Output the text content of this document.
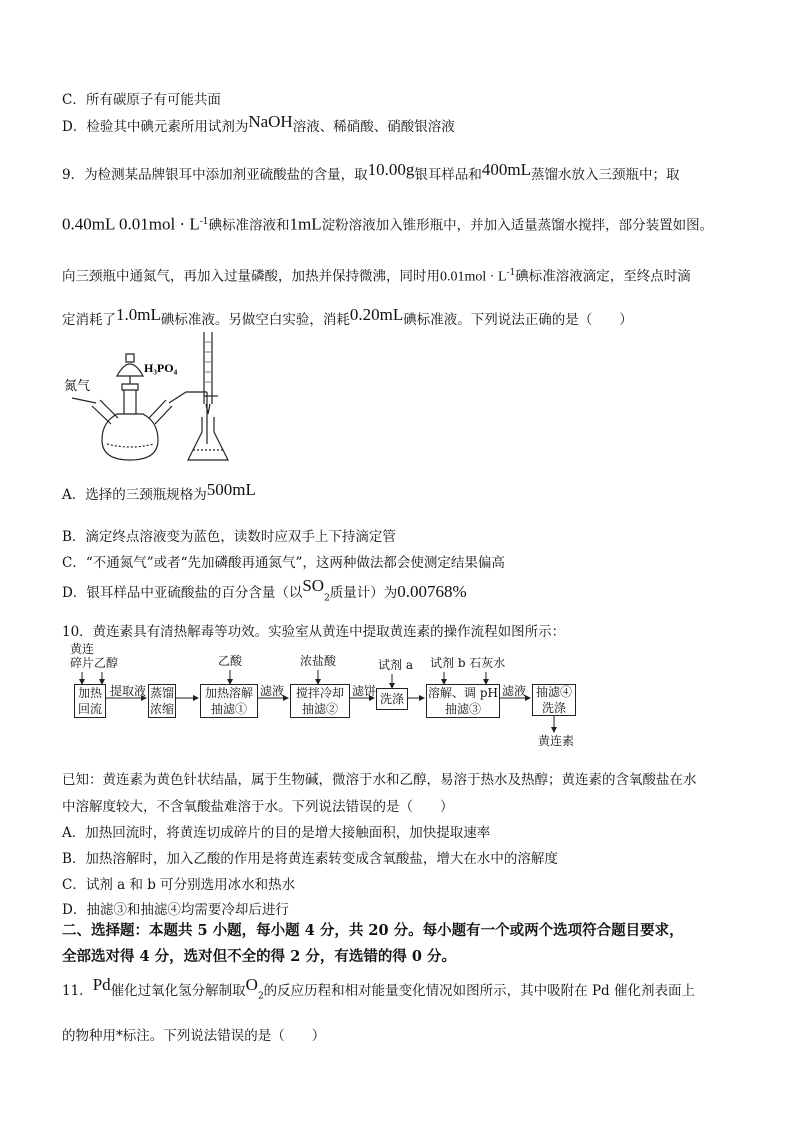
C．所有碳原子有可能共面
D．检验其中碘元素所用试剂为NaOH溶液、稀硝酸、硝酸银溶液
9．为检测某品牌银耳中添加剂亚硫酸盐的含量，取10.00g银耳样品和400mL蒸馏水放入三颈瓶中；取
0.40mL $0.01mol \cdot L^{-1}$碘标准溶液和1mL淀粉溶液加入锥形瓶中，并加入适量蒸馏水搅拌，部分装置如图。
向三颈瓶中通氮气，再加入过量磷酸，加热并保持微沸，同时用$0.01mol \cdot L^{-1}$碘标准溶液滴定，至终点时滴
定消耗了1.0mL碘标准液。另做空白实验，消耗0.20mL碘标准液。下列说法正确的是（　　）
H₃PO₄
氮气
A．选择的三颈瓶规格为500mL
B．滴定终点溶液变为蓝色，读数时应双手上下持滴定管
C．“不通氮气”或者“先加磷酸再通氮气”，这两种做法都会使测定结果偏高
D．银耳样品中亚硫酸盐的百分含量（以$SO_2$质量计）为0.00768%
10．黄连素具有清热解毒等功效。实验室从黄连中提取黄连素的操作流程如图所示：
黄连
碎片 乙醇
加热回流
提取液 蒸馏浓缩
乙酸
加热溶解抽滤①
滤液
浓盐酸
搅拌冷却抽滤②
滤饼
试剂 a
洗涤
试剂 b 石灰水
溶解、调 pH 抽滤③
滤液 抽滤④洗涤
黄连素
已知：黄连素为黄色针状结晶，属于生物碱，微溶于水和乙醇，易溶于热水及热醇；黄连素的含氧酸盐在水
中溶解度较大，不含氧酸盐难溶于水。下列说法错误的是（　　）
A．加热回流时，将黄连切成碎片的目的是增大接触面积，加快提取速率
B．加热溶解时，加入乙酸的作用是将黄连素转变成含氧酸盐，增大在水中的溶解度
C．试剂 a 和 b 可分别选用冰水和热水
D．抽滤③和抽滤④均需要冷却后进行
二、选择题：本题共 5 小题，每小题 4 分，共 20 分。每小题有一个或两个选项符合题目要求，
全部选对得 4 分，选对但不全的得 2 分，有选错的得 0 分。
11．Pd催化过氧化氢分解制取$O_2$的反应历程和相对能量变化情况如图所示，其中吸附在 Pd 催化剂表面上
的物种用*标注。下列说法错误的是（　　）
